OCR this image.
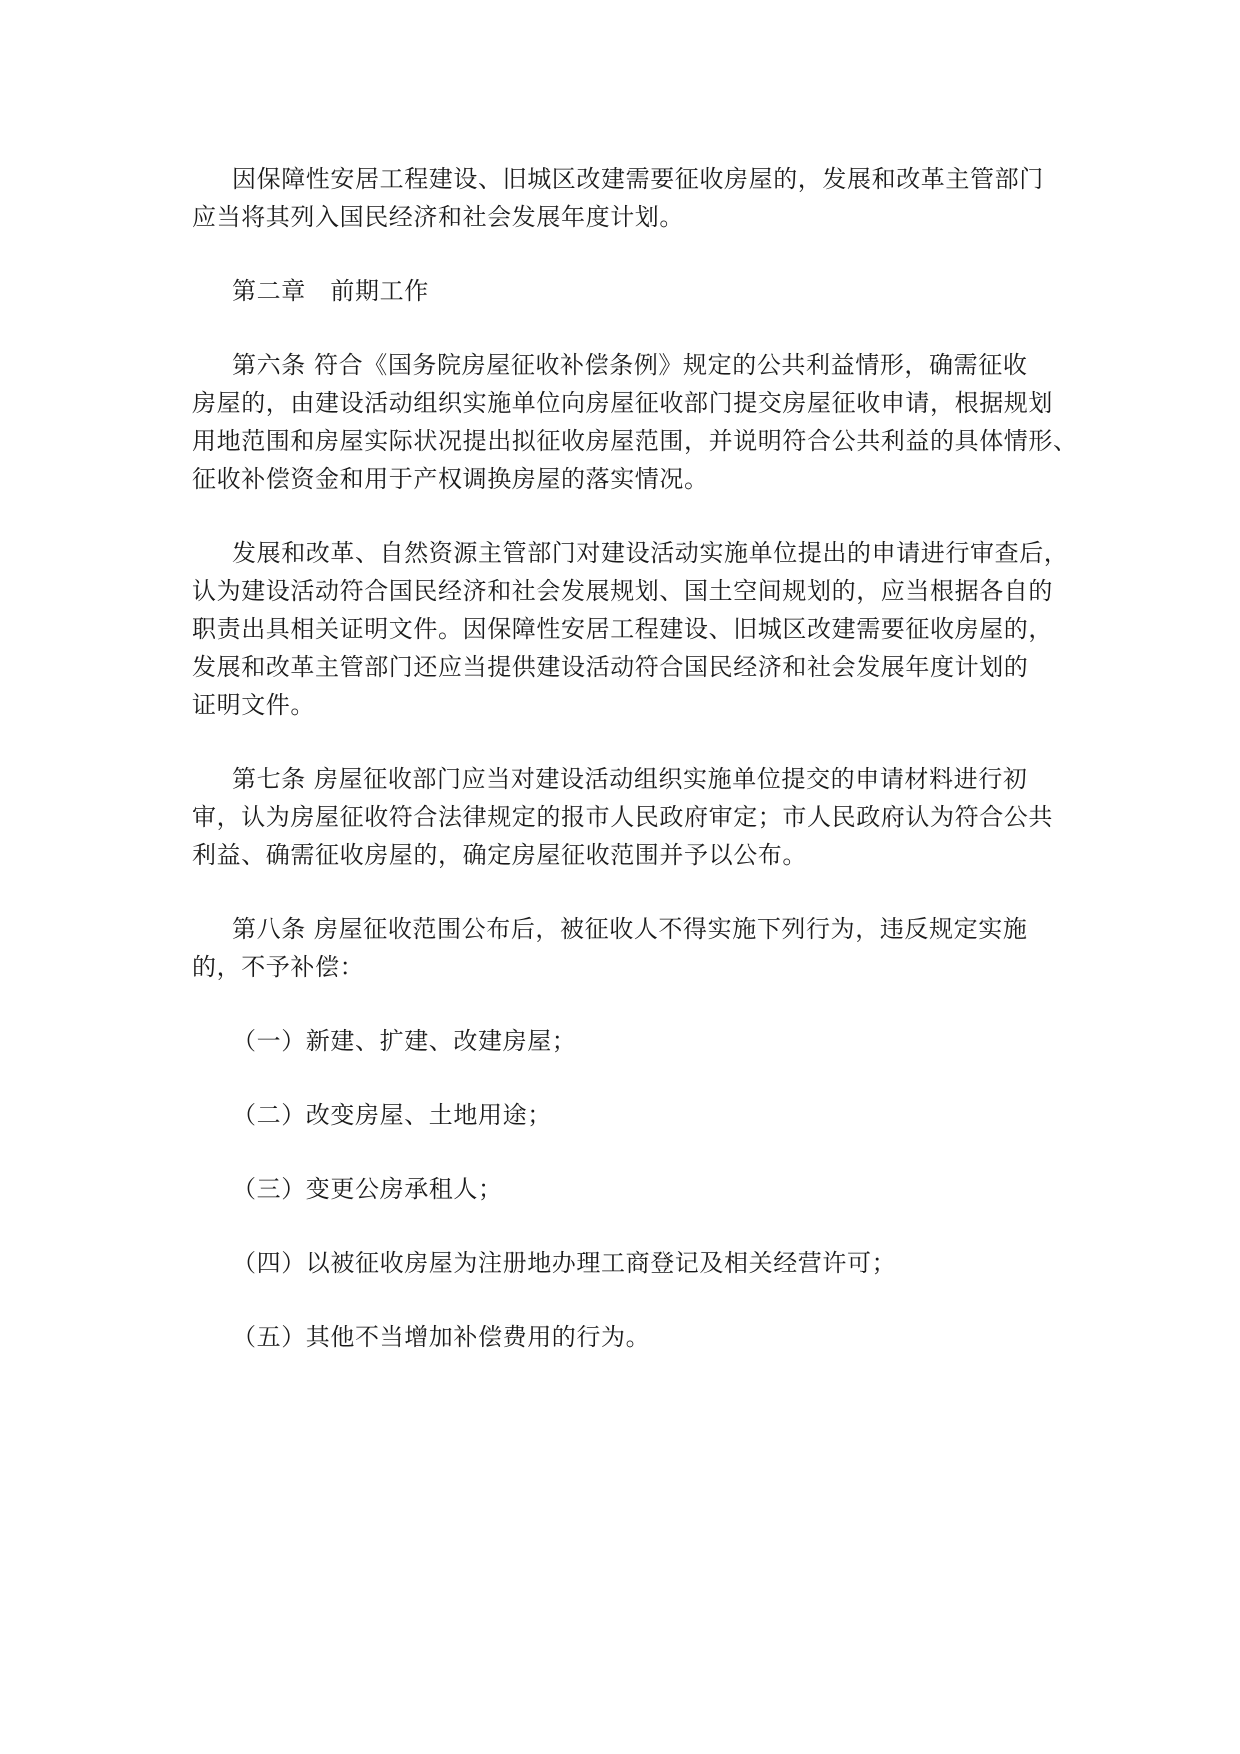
因保障性安居工程建设、旧城区改建需要征收房屋的，发展和改革主管部门
应当将其列入国民经济和社会发展年度计划。

第二章　前期工作

第六条 符合《国务院房屋征收补偿条例》规定的公共利益情形，确需征收
房屋的，由建设活动组织实施单位向房屋征收部门提交房屋征收申请，根据规划
用地范围和房屋实际状况提出拟征收房屋范围，并说明符合公共利益的具体情形、
征收补偿资金和用于产权调换房屋的落实情况。

发展和改革、自然资源主管部门对建设活动实施单位提出的申请进行审查后，
认为建设活动符合国民经济和社会发展规划、国土空间规划的，应当根据各自的
职责出具相关证明文件。因保障性安居工程建设、旧城区改建需要征收房屋的，
发展和改革主管部门还应当提供建设活动符合国民经济和社会发展年度计划的
证明文件。

第七条 房屋征收部门应当对建设活动组织实施单位提交的申请材料进行初
审，认为房屋征收符合法律规定的报市人民政府审定；市人民政府认为符合公共
利益、确需征收房屋的，确定房屋征收范围并予以公布。

第八条 房屋征收范围公布后，被征收人不得实施下列行为，违反规定实施
的，不予补偿：

（一）新建、扩建、改建房屋；

（二）改变房屋、土地用途；

（三）变更公房承租人；

（四）以被征收房屋为注册地办理工商登记及相关经营许可；

（五）其他不当增加补偿费用的行为。
